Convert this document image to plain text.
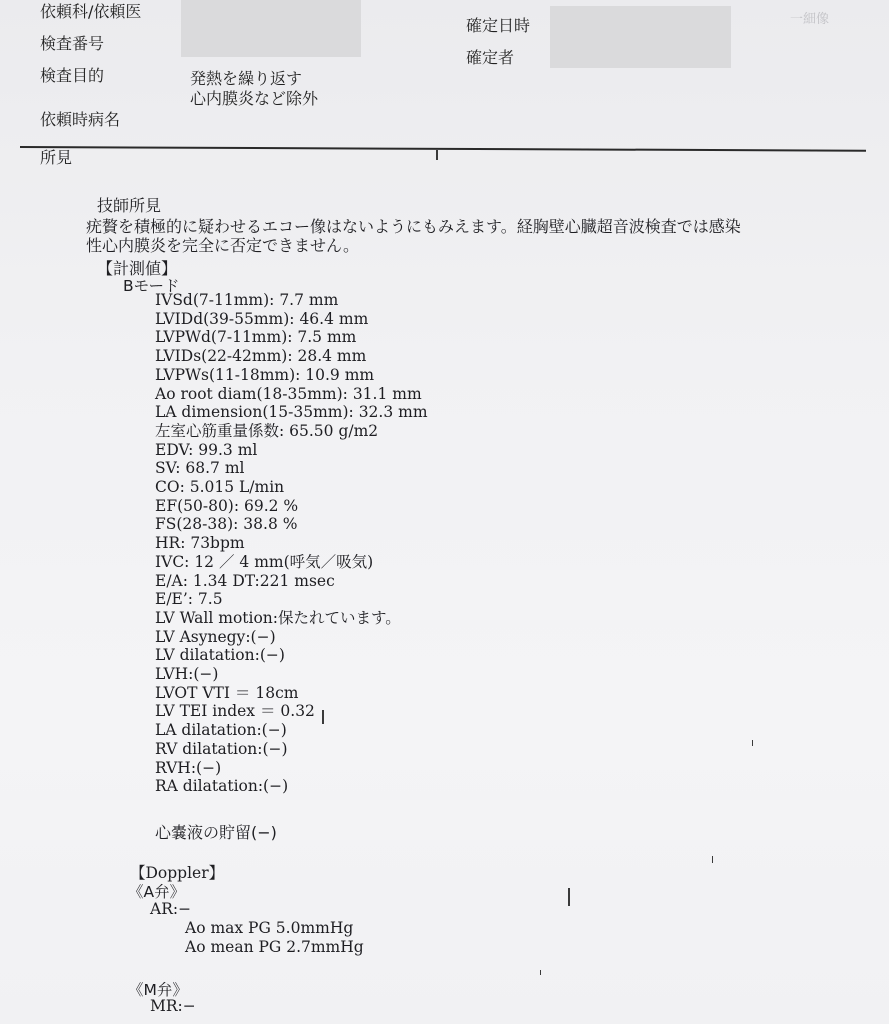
依頼科/依頼医
検査番号
検査目的	発熱を繰り返す
心内膜炎など除外
依頼時病名
確定日時
確定者
一細像
所見
技師所見
疣贅を積極的に疑わせるエコー像はないようにもみえます。経胸壁心臓超音波検査では感染
性心内膜炎を完全に否定できません。
【計測値】
Bモード
IVSd(7-11mm): 7.7 mm
LVIDd(39-55mm): 46.4 mm
LVPWd(7-11mm): 7.5 mm
LVIDs(22-42mm): 28.4 mm
LVPWs(11-18mm): 10.9 mm
Ao root diam(18-35mm): 31.1 mm
LA dimension(15-35mm): 32.3 mm
左室心筋重量係数: 65.50 g/m2
EDV: 99.3 ml
SV: 68.7 ml
CO: 5.015 L/min
EF(50-80): 69.2 %
FS(28-38): 38.8 %
HR: 73bpm
IVC: 12 ／ 4 mm(呼気／吸気)
E/A: 1.34 DT:221 msec
E/E’: 7.5
LV Wall motion:保たれています。
LV Asynegy:(−)
LV dilatation:(−)
LVH:(−)
LVOT VTI ＝ 18cm
LV TEI index ＝ 0.32
LA dilatation:(−)
RV dilatation:(−)
RVH:(−)
RA dilatation:(−)
心嚢液の貯留(−)
【Doppler】
《A弁》
AR:−
Ao max PG 5.0mmHg
Ao mean PG 2.7mmHg
《M弁》
MR:−
